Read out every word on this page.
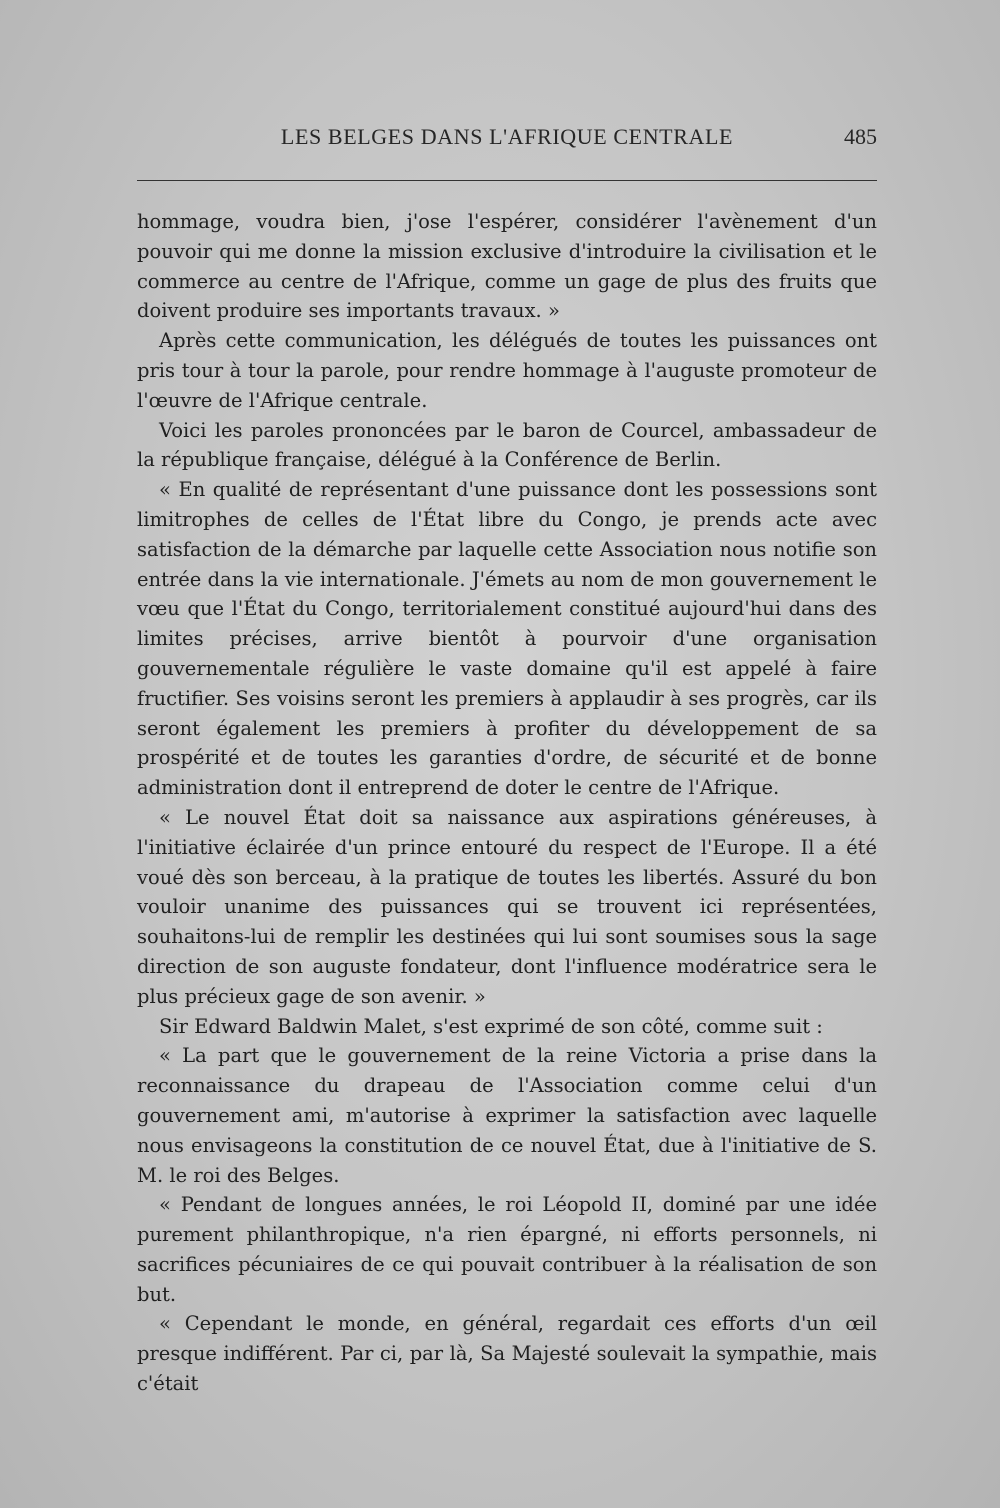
LES BELGES DANS L'AFRIQUE CENTRALE	485

hommage, voudra bien, j'ose l'espérer, considérer l'avènement d'un pouvoir qui me donne la mission exclusive d'introduire la civilisation et le commerce au centre de l'Afrique, comme un gage de plus des fruits que doivent produire ses importants travaux. »

Après cette communication, les délégués de toutes les puissances ont pris tour à tour la parole, pour rendre hommage à l'auguste promoteur de l'œuvre de l'Afrique centrale.

Voici les paroles prononcées par le baron de Courcel, ambassadeur de la république française, délégué à la Conférence de Berlin.

« En qualité de représentant d'une puissance dont les possessions sont limitrophes de celles de l'État libre du Congo, je prends acte avec satisfaction de la démarche par laquelle cette Association nous notifie son entrée dans la vie internationale. J'émets au nom de mon gouvernement le vœu que l'État du Congo, territorialement constitué aujourd'hui dans des limites précises, arrive bientôt à pourvoir d'une organisation gouvernementale régulière le vaste domaine qu'il est appelé à faire fructifier. Ses voisins seront les premiers à applaudir à ses progrès, car ils seront également les premiers à profiter du développement de sa prospérité et de toutes les garanties d'ordre, de sécurité et de bonne administration dont il entreprend de doter le centre de l'Afrique.

« Le nouvel État doit sa naissance aux aspirations généreuses, à l'initiative éclairée d'un prince entouré du respect de l'Europe. Il a été voué dès son berceau, à la pratique de toutes les libertés. Assuré du bon vouloir unanime des puissances qui se trouvent ici représentées, souhaitons-lui de remplir les destinées qui lui sont soumises sous la sage direction de son auguste fondateur, dont l'influence modératrice sera le plus précieux gage de son avenir. »

Sir Edward Baldwin Malet, s'est exprimé de son côté, comme suit :

« La part que le gouvernement de la reine Victoria a prise dans la reconnaissance du drapeau de l'Association comme celui d'un gouvernement ami, m'autorise à exprimer la satisfaction avec laquelle nous envisageons la constitution de ce nouvel État, due à l'initiative de S. M. le roi des Belges.

« Pendant de longues années, le roi Léopold II, dominé par une idée purement philanthropique, n'a rien épargné, ni efforts personnels, ni sacrifices pécuniaires de ce qui pouvait contribuer à la réalisation de son but.

« Cependant le monde, en général, regardait ces efforts d'un œil presque indifférent. Par ci, par là, Sa Majesté soulevait la sympathie, mais c'était
